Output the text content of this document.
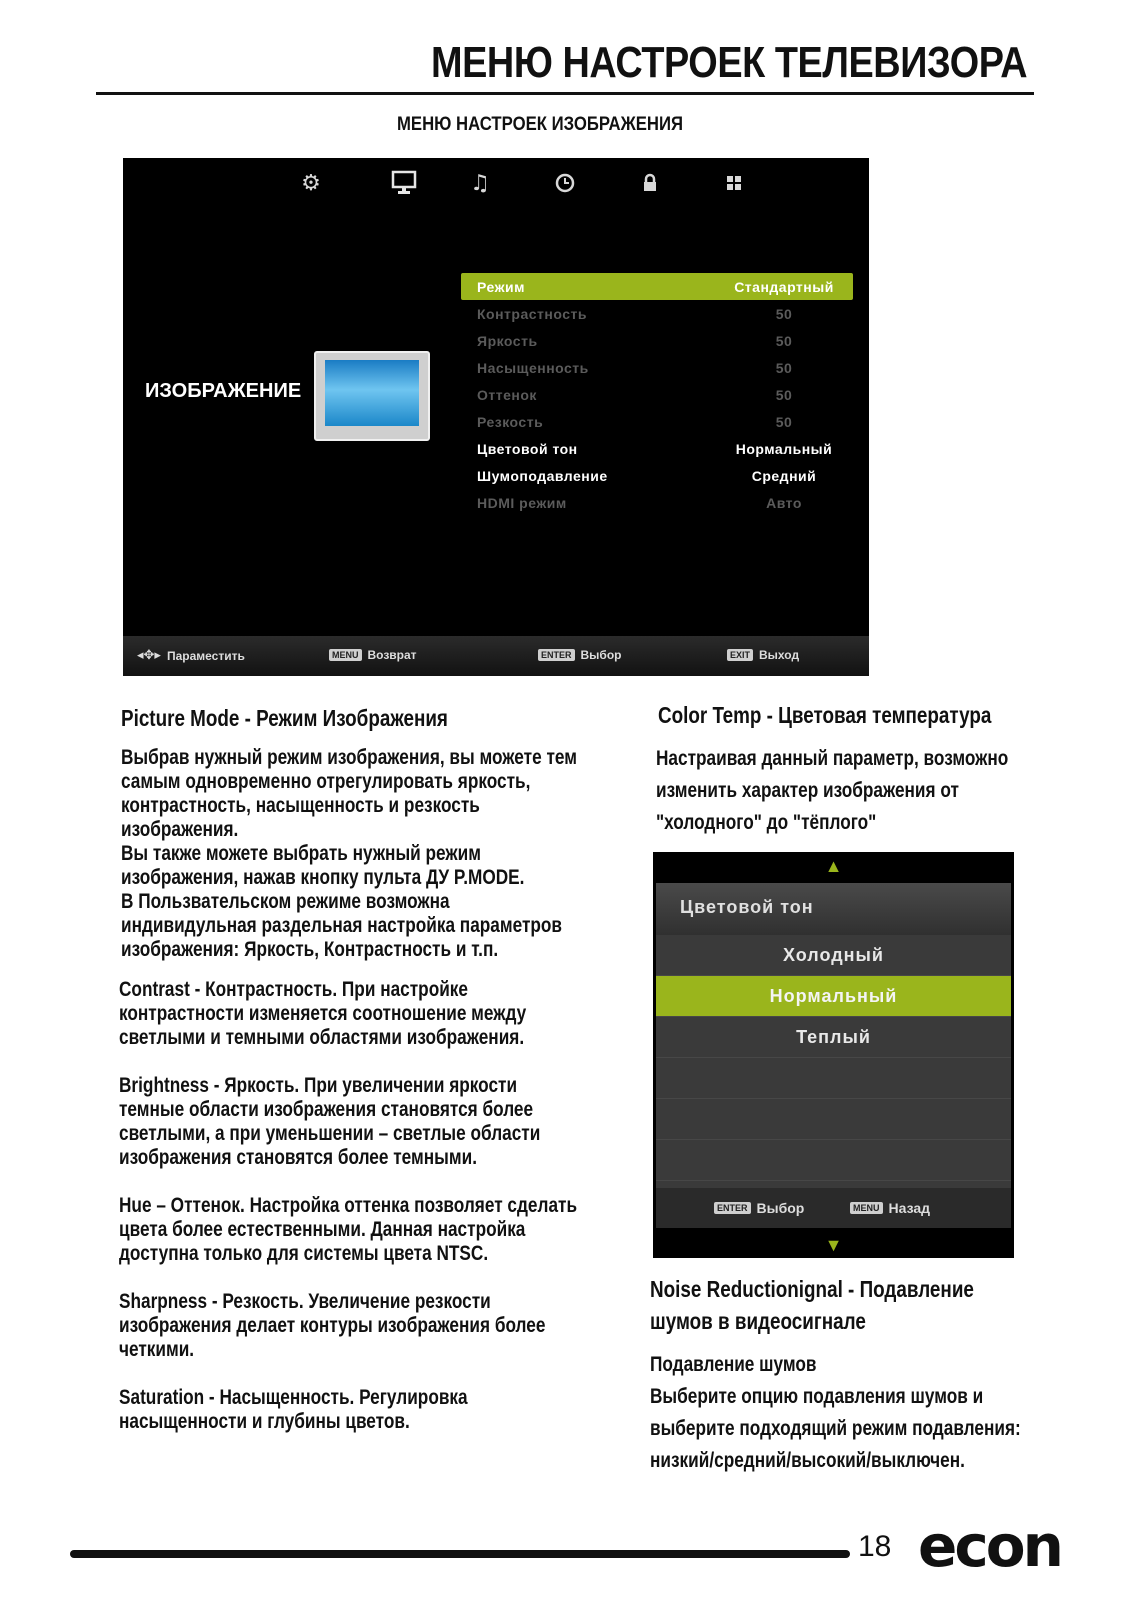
МЕНЮ НАСТРОЕК ТЕЛЕВИЗОРА
МЕНЮ НАСТРОЕК ИЗОБРАЖЕНИЯ
⚙	♫
ИЗОБРАЖЕНИЕ
Режим	Стандартный
Контрастность	50
Яркость	50
Насыщенность	50
Оттенок	50
Резкость	50
Цветовой тон	Нормальный
Шумоподавление	Средний
HDMI режим	Авто
◂✥▸ Параместить	MENU Возврат	ENTER Выбор	EXIT Выход
Picture Mode - Режим Изображения
Выбрав нужный режим изображения, вы можете тем самым одновременно отрегулировать яркость, контрастность, насыщенность и резкость изображения.
Вы также можете выбрать нужный режим изображения, нажав кнопку пульта ДУ P.MODE.
В Пользвательском режиме возможна индивидульная раздельная настройка параметров изображения: Яркость, Контрастность и т.п.
Contrast - Контрастность. При настройке контрастности изменяется соотношение между светлыми и темными областями изображения.
Brightness - Яркость. При увеличении яркости темные области изображения становятся более светлыми, а при уменьшении – светлые области изображения становятся более темными.
Hue – Оттенок. Настройка оттенка позволяет сделать цвета более естественными. Данная настройка доступна только для системы цвета NTSC.
Sharpness - Резкость. Увеличение резкости изображения делает контуры изображения более четкими.
Saturation - Насыщенность. Регулировка насыщенности и глубины цветов.
Color Temp - Цветовая температура
Настраивая данный параметр, возможно изменить характер изображения от "холодного" до "тёплого"
▲
Цветовой тон
Холодный
Нормальный
Теплый
ENTER Выбор	MENU Назад
▼
Noise Reductionignal - Подавление
шумов в видеосигнале
Подавление шумов
Выберите опцию подавления шумов и выберите подходящий режим подавления: низкий/средний/высокий/выключен.
18 econ
